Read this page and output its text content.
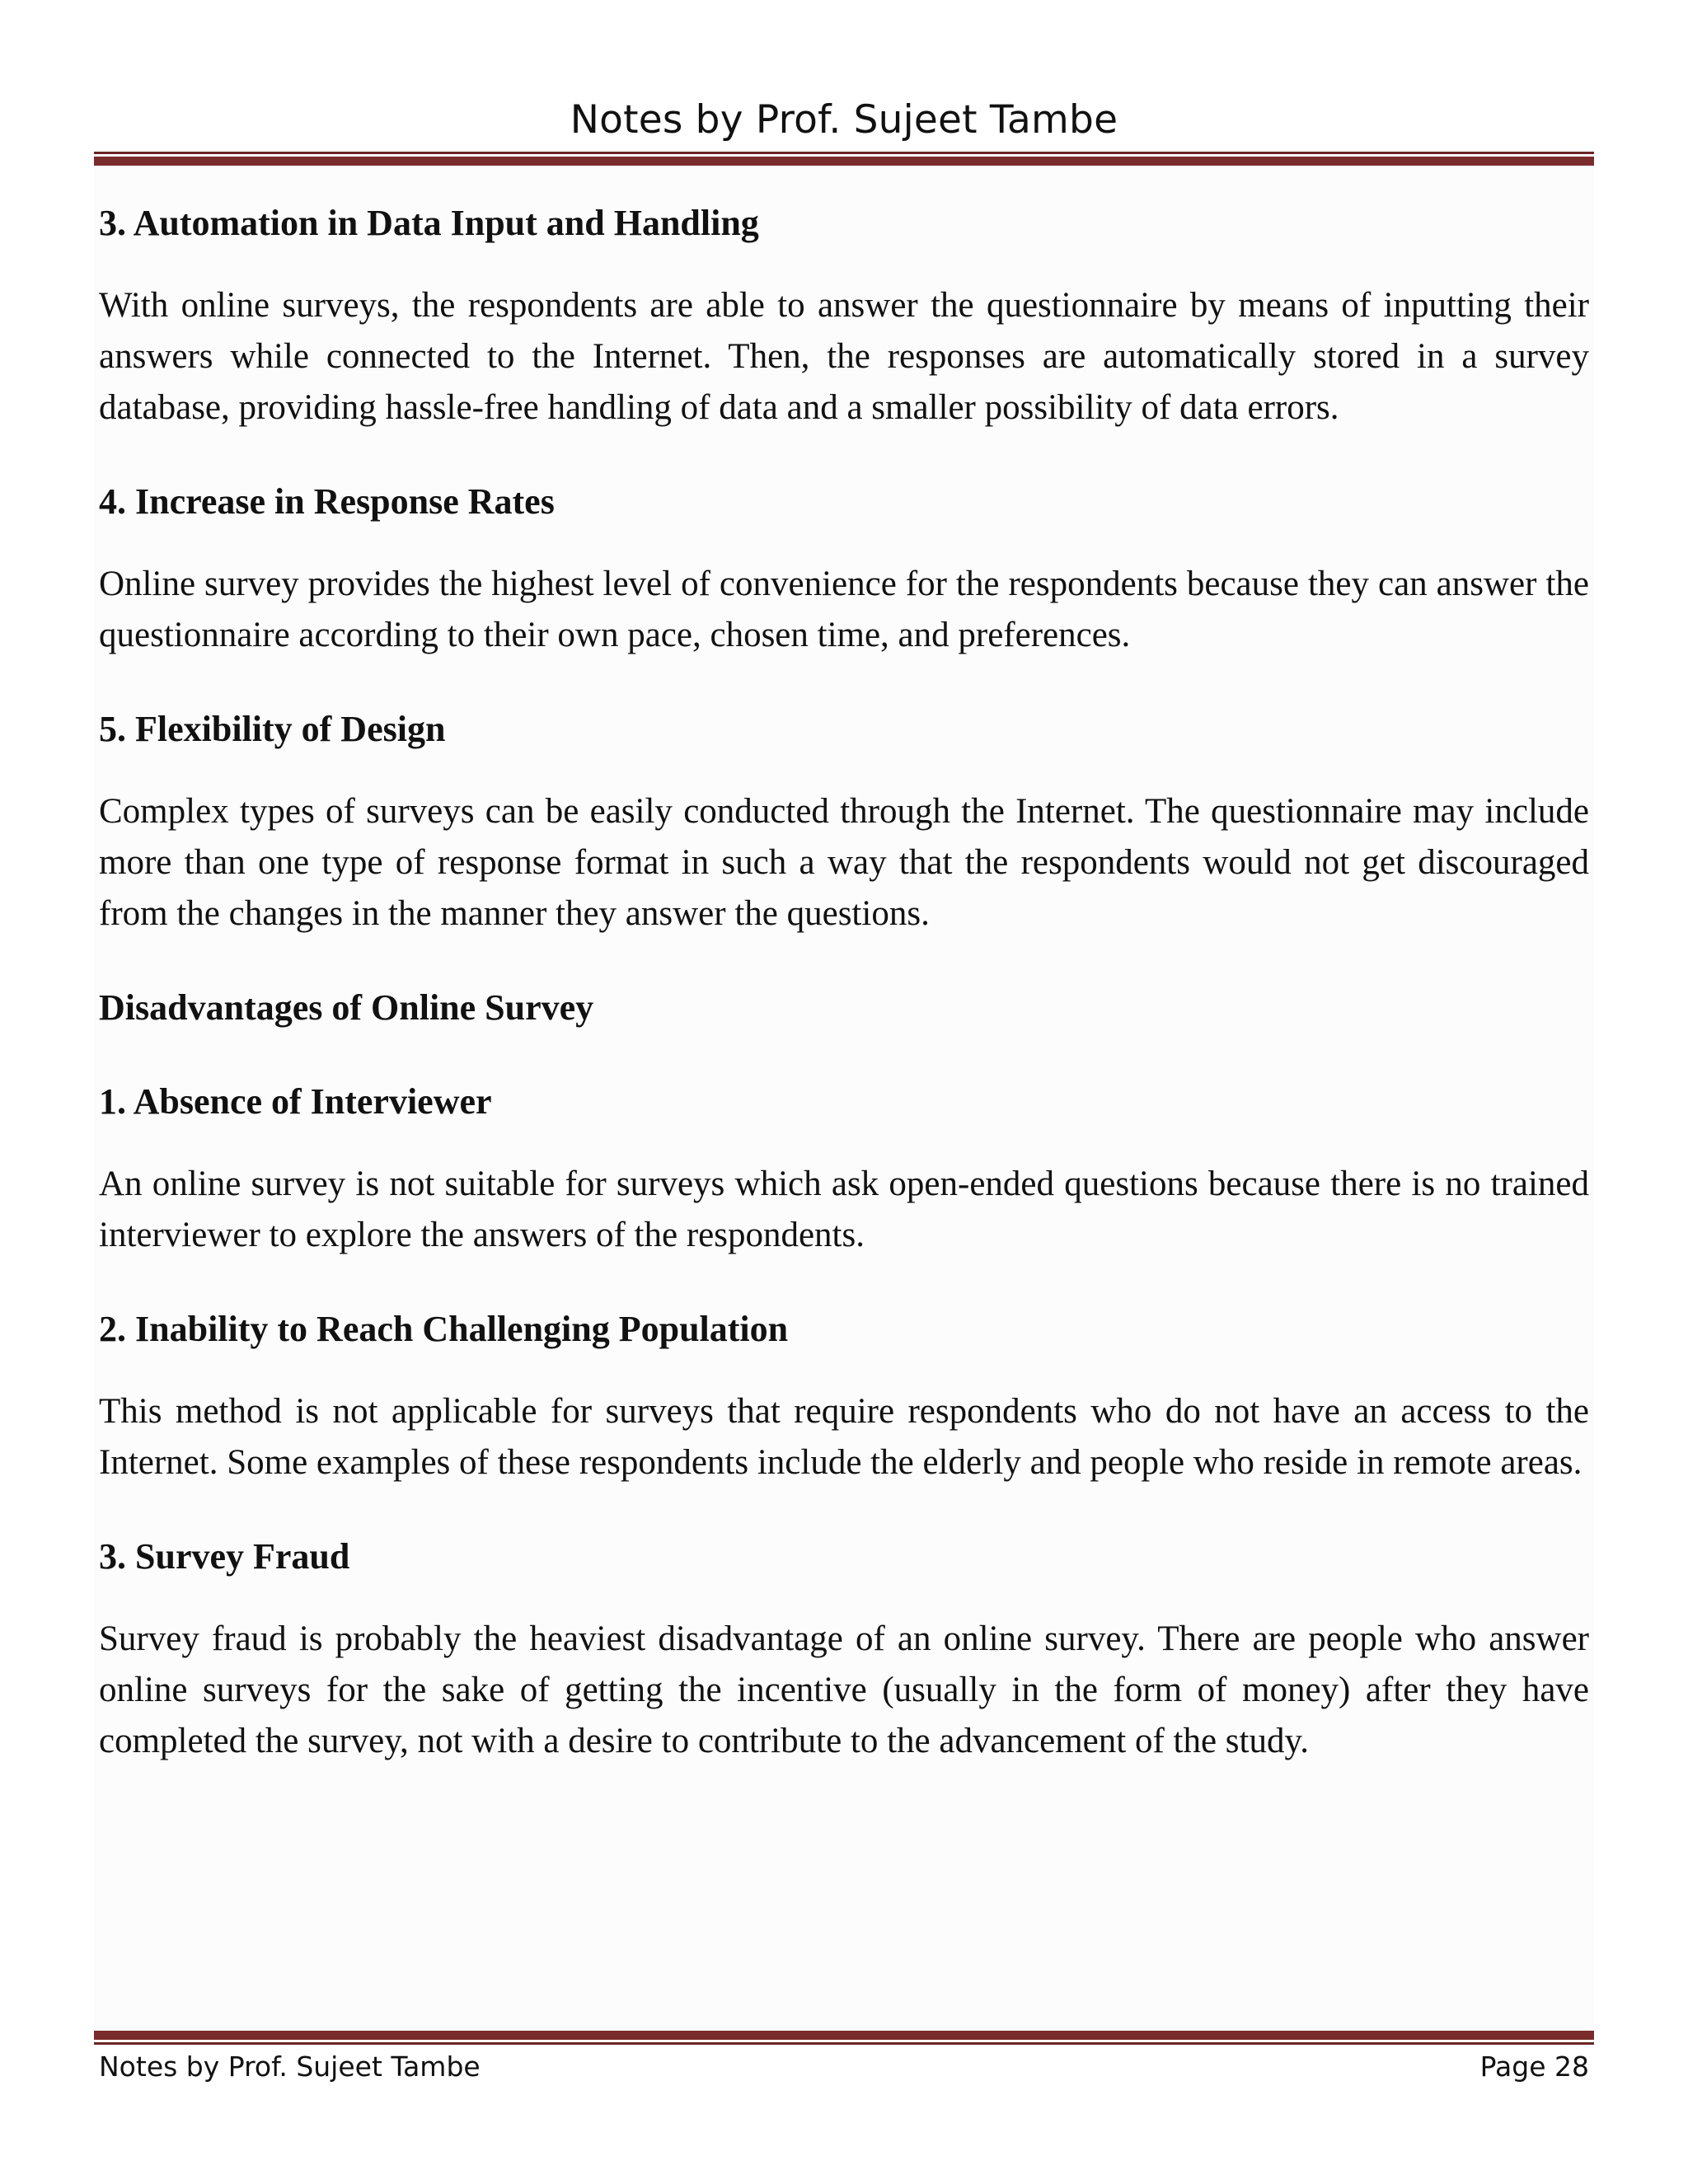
Notes by Prof. Sujeet Tambe
3. Automation in Data Input and Handling

With online surveys, the respondents are able to answer the questionnaire by means of inputting their answers while connected to the Internet. Then, the responses are automatically stored in a survey database, providing hassle-free handling of data and a smaller possibility of data errors.

4. Increase in Response Rates

Online survey provides the highest level of convenience for the respondents because they can answer the questionnaire according to their own pace, chosen time, and preferences.

5. Flexibility of Design

Complex types of surveys can be easily conducted through the Internet. The questionnaire may include more than one type of response format in such a way that the respondents would not get discouraged from the changes in the manner they answer the questions.

Disadvantages of Online Survey
1. Absence of Interviewer

An online survey is not suitable for surveys which ask open-ended questions because there is no trained interviewer to explore the answers of the respondents.

2. Inability to Reach Challenging Population

This method is not applicable for surveys that require respondents who do not have an access to the Internet. Some examples of these respondents include the elderly and people who reside in remote areas.

3. Survey Fraud

Survey fraud is probably the heaviest disadvantage of an online survey. There are people who answer online surveys for the sake of getting the incentive (usually in the form of money) after they have completed the survey, not with a desire to contribute to the advancement of the study.

Notes by Prof. Sujeet Tambe	Page 28
